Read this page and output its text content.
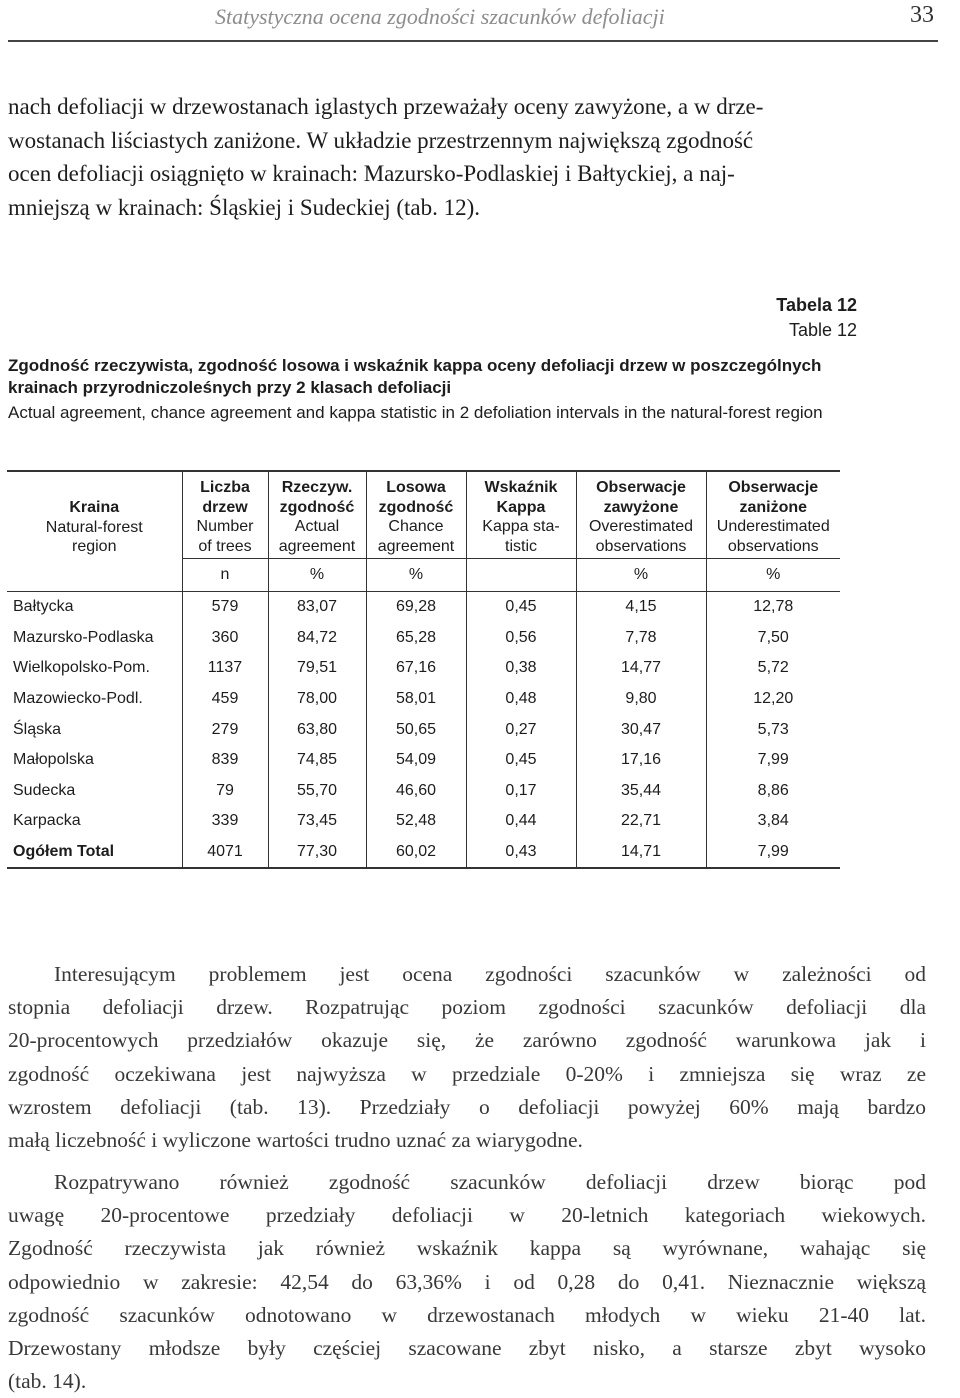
Statystyczna ocena zgodności szacunków defoliacji	33
nach defoliacji w drzewostanach iglastych przeważały oceny zawyżone, a w drze-
wostanach liściastych zaniżone. W układzie przestrzennym największą zgodność
ocen defoliacji osiągnięto w krainach: Mazursko-Podlaskiej i Bałtyckiej, a naj-
mniejszą w krainach: Śląskiej i Sudeckiej (tab. 12).
Tabela 12
Table 12
Zgodność rzeczywista, zgodność losowa i wskaźnik kappa oceny defoliacji drzew w poszczególnych krainach przyrodniczoleśnych przy 2 klasach defoliacji
Actual agreement, chance agreement and kappa statistic in 2 defoliation intervals in the natural-forest region
Kraina
Natural-forest
region	Liczba
drzew
Number
of trees	Rzeczyw.
zgodność
Actual
agreement	Losowa
zgodność
Chance
agreement	Wskaźnik
Kappa
Kappa sta-
tistic	Obserwacje
zawyżone
Overestimated
observations	Obserwacje
zaniżone
Underestimated
observations

	n	%	%		%	%
Bałtycka	579	83,07	69,28	0,45	4,15	12,78
Mazursko-Podlaska	360	84,72	65,28	0,56	7,78	7,50
Wielkopolsko-Pom.	1137	79,51	67,16	0,38	14,77	5,72
Mazowiecko-Podl.	459	78,00	58,01	0,48	9,80	12,20
Śląska	279	63,80	50,65	0,27	30,47	5,73
Małopolska	839	74,85	54,09	0,45	17,16	7,99
Sudecka	79	55,70	46,60	0,17	35,44	8,86
Karpacka	339	73,45	52,48	0,44	22,71	3,84
Ogółem Total	4071	77,30	60,02	0,43	14,71	7,99
Interesującym problemem jest ocena zgodności szacunków w zależności od
stopnia defoliacji drzew. Rozpatrując poziom zgodności szacunków defoliacji dla
20-procentowych przedziałów okazuje się, że zarówno zgodność warunkowa jak i
zgodność oczekiwana jest najwyższa w przedziale 0-20% i zmniejsza się wraz ze
wzrostem defoliacji (tab. 13). Przedziały o defoliacji powyżej 60% mają bardzo
małą liczebność i wyliczone wartości trudno uznać za wiarygodne.
Rozpatrywano również zgodność szacunków defoliacji drzew biorąc pod
uwagę 20-procentowe przedziały defoliacji w 20-letnich kategoriach wiekowych.
Zgodność rzeczywista jak również wskaźnik kappa są wyrównane, wahając się
odpowiednio w zakresie: 42,54 do 63,36% i od 0,28 do 0,41. Nieznacznie większą
zgodność szacunków odnotowano w drzewostanach młodych w wieku 21-40 lat.
Drzewostany młodsze były częściej szacowane zbyt nisko, a starsze zbyt wysoko
(tab. 14).
